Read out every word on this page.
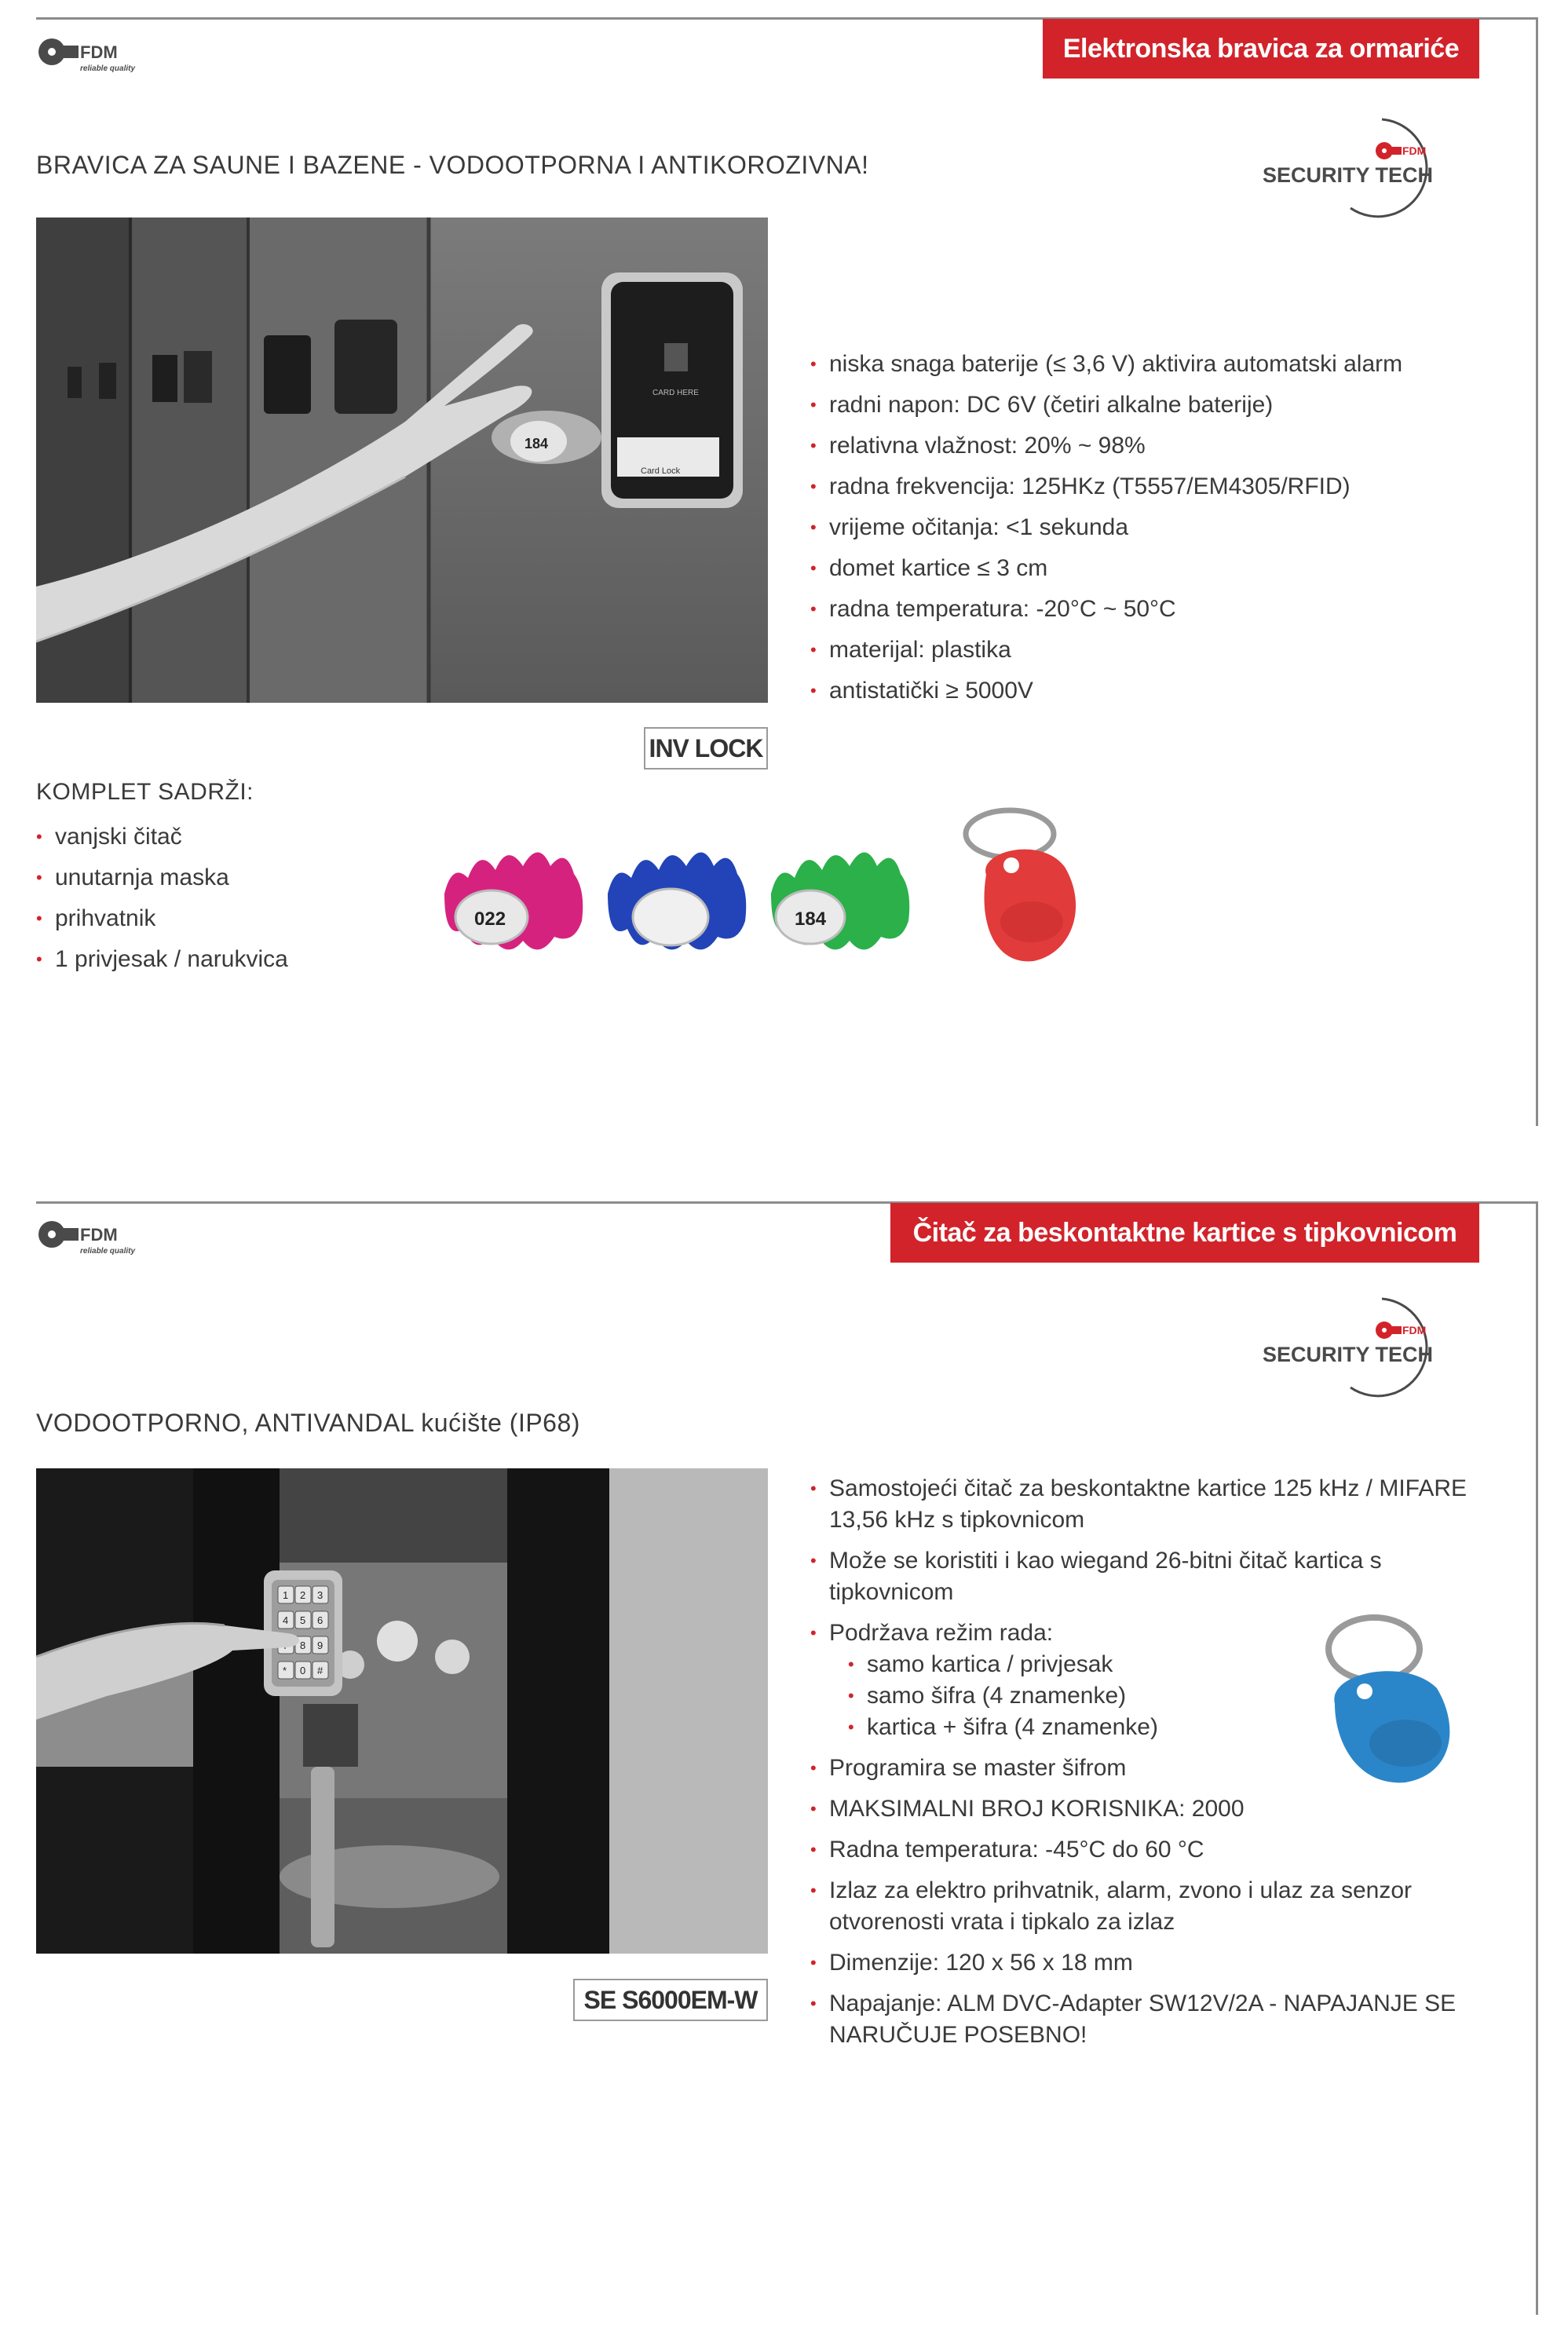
FDM
reliable quality
Elektronska bravica za ormariće
FDM
SECURITY TECH
BRAVICA ZA SAUNE I BAZENE - VODOOTPORNA I ANTIKOROZIVNA!
CARD HERE
Card Lock
184
INV LOCK
• niska snaga baterije (≤ 3,6 V) aktivira automatski alarm
• radni napon: DC 6V (četiri alkalne baterije)
• relativna vlažnost: 20% ~ 98%
• radna frekvencija: 125HKz (T5557/EM4305/RFID)
• vrijeme očitanja: <1 sekunda
• domet kartice ≤ 3 cm
• radna temperatura: -20°C ~ 50°C
• materijal: plastika
• antistatički ≥ 5000V
KOMPLET SADRŽI:
• vanjski čitač
• unutarnja maska
• prihvatnik
• 1 privjesak / narukvica
022	184
FDM
reliable quality
Čitač za beskontaktne kartice s tipkovnicom
FDM
SECURITY TECH
VODOOTPORNO, ANTIVANDAL kućište (IP68)
1 2 3
4 5 6
8 9
* 0 #
SE S6000EM-W
• Samostojeći čitač za beskontaktne kartice 125 kHz / MIFARE 13,56 kHz s tipkovnicom
• Može se koristiti i kao wiegand 26-bitni čitač kartica s tipkovnicom
• Podržava režim rada:
• samo kartica / privjesak
• samo šifra (4 znamenke)
• kartica + šifra (4 znamenke)
• Programira se master šifrom
• MAKSIMALNI BROJ KORISNIKA: 2000
• Radna temperatura: -45°C do 60 °C
• Izlaz za elektro prihvatnik, alarm, zvono i ulaz za senzor otvorenosti vrata i tipkalo za izlaz
• Dimenzije: 120 x 56 x 18 mm
• Napajanje: ALM DVC-Adapter SW12V/2A - NAPAJANJE SE NARUČUJE POSEBNO!
